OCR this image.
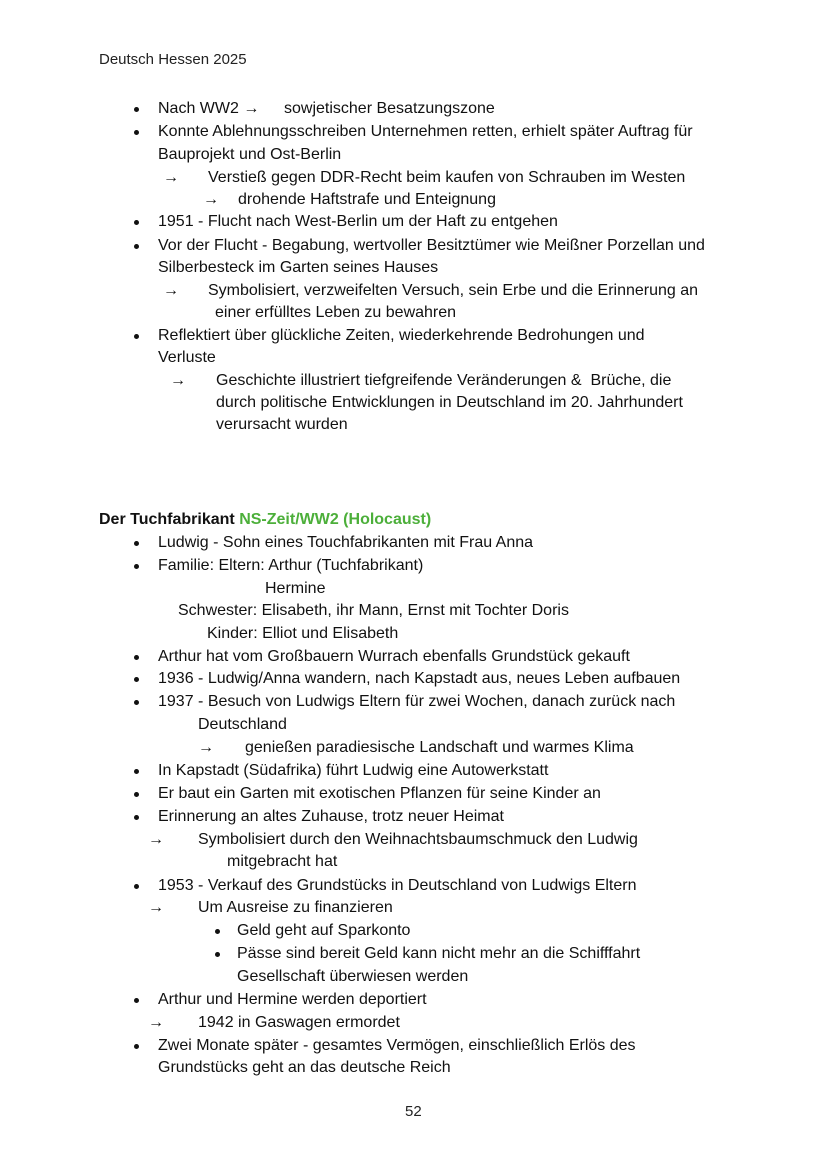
Deutsch Hessen 2025
Nach WW2 → sowjetischer Besatzungszone
Konnte Ablehnungsschreiben Unternehmen retten, erhielt später Auftrag für
Bauprojekt und Ost-Berlin
→ Verstieß gegen DDR-Recht beim kaufen von Schrauben im Westen
→ drohende Haftstrafe und Enteignung
1951 - Flucht nach West-Berlin um der Haft zu entgehen
Vor der Flucht - Begabung, wertvoller Besitztümer wie Meißner Porzellan und
Silberbesteck im Garten seines Hauses
→ Symbolisiert, verzweifelten Versuch, sein Erbe und die Erinnerung an
einer erfülltes Leben zu bewahren
Reflektiert über glückliche Zeiten, wiederkehrende Bedrohungen und
Verluste
→ Geschichte illustriert tiefgreifende Veränderungen &  Brüche, die
durch politische Entwicklungen in Deutschland im 20. Jahrhundert
verursacht wurden
Der Tuchfabrikant NS-Zeit/WW2 (Holocaust)
Ludwig - Sohn eines Touchfabrikanten mit Frau Anna
Familie: Eltern: Arthur (Tuchfabrikant)
Hermine
Schwester: Elisabeth, ihr Mann, Ernst mit Tochter Doris
Kinder: Elliot und Elisabeth
Arthur hat vom Großbauern Wurrach ebenfalls Grundstück gekauft
1936 - Ludwig/Anna wandern, nach Kapstadt aus, neues Leben aufbauen
1937 - Besuch von Ludwigs Eltern für zwei Wochen, danach zurück nach
Deutschland
→ genießen paradiesische Landschaft und warmes Klima
In Kapstadt (Südafrika) führt Ludwig eine Autowerkstatt
Er baut ein Garten mit exotischen Pflanzen für seine Kinder an
Erinnerung an altes Zuhause, trotz neuer Heimat
→ Symbolisiert durch den Weihnachtsbaumschmuck den Ludwig
mitgebracht hat
1953 - Verkauf des Grundstücks in Deutschland von Ludwigs Eltern
→ Um Ausreise zu finanzieren
Geld geht auf Sparkonto
Pässe sind bereit Geld kann nicht mehr an die Schifffahrt
Gesellschaft überwiesen werden
Arthur und Hermine werden deportiert
→ 1942 in Gaswagen ermordet
Zwei Monate später - gesamtes Vermögen, einschließlich Erlös des
Grundstücks geht an das deutsche Reich
52
